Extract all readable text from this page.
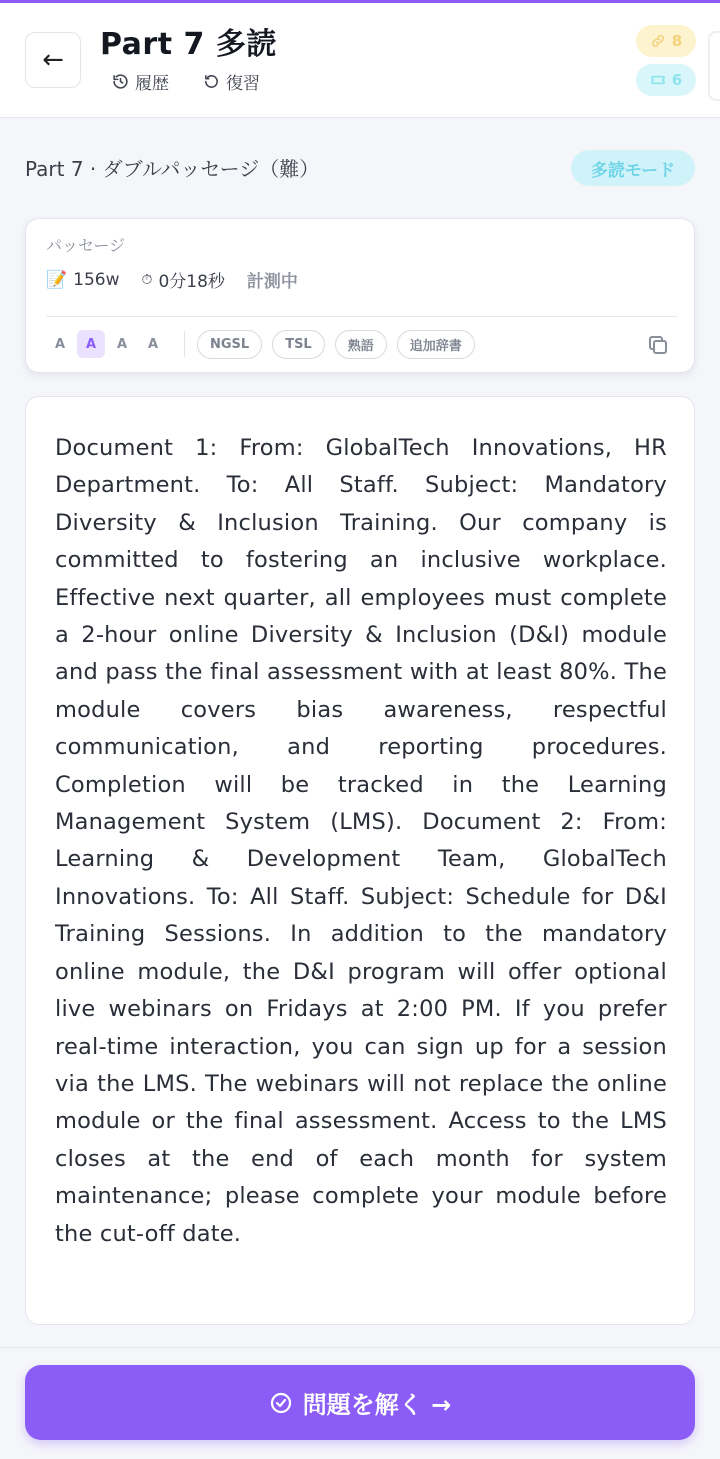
← Part 7 多読
履歴	復習
8
6
Part 7 · ダブルパッセージ（難）	多読モード
パッセージ
📝 156w ⏱ 0分18秒 計測中
A	A	A	A	NGSL	TSL	熟語	追加辞書
Document 1: From: GlobalTech Innovations, HR Department. To: All Staff. Subject: Mandatory Diversity & Inclusion Training. Our company is committed to fostering an inclusive workplace. Effective next quarter, all employees must complete a 2-hour online Diversity & Inclusion (D&I) module and pass the final assessment with at least 80%. The module covers bias awareness, respectful communication, and reporting procedures. Completion will be tracked in the Learning Management System (LMS). Document 2: From: Learning & Development Team, GlobalTech Innovations. To: All Staff. Subject: Schedule for D&I Training Sessions. In addition to the mandatory online module, the D&I program will offer optional live webinars on Fridays at 2:00 PM. If you prefer real-time interaction, you can sign up for a session via the LMS. The webinars will not replace the online module or the final assessment. Access to the LMS closes at the end of each month for system maintenance; please complete your module before the cut-off date.
問題を解く →
